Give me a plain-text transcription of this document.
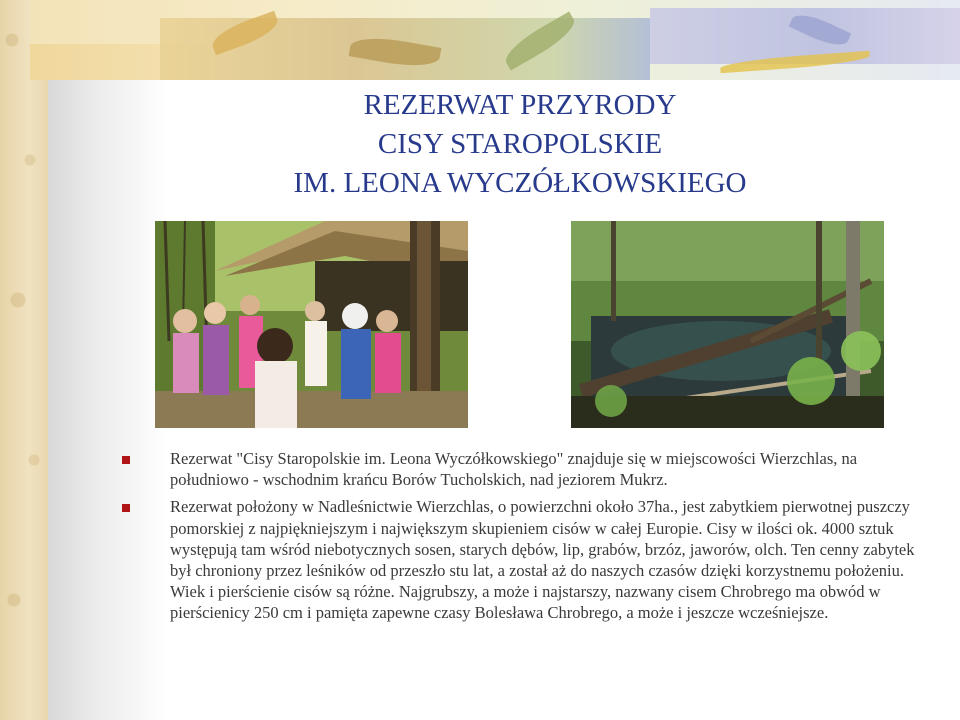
REZERWAT PRZYRODY
CISY STAROPOLSKIE
IM. LEONA WYCZÓŁKOWSKIEGO
Rezerwat "Cisy Staropolskie im. Leona Wyczółkowskiego" znajduje się w miejscowości Wierzchlas, na południowo - wschodnim krańcu Borów Tucholskich, nad jeziorem Mukrz.
Rezerwat położony w Nadleśnictwie Wierzchlas, o powierzchni około 37ha., jest zabytkiem pierwotnej puszczy pomorskiej z najpiękniejszym i największym skupieniem cisów w całej Europie. Cisy w ilości ok. 4000 sztuk występują tam wśród niebotycznych sosen, starych dębów, lip, grabów, brzóz, jaworów, olch. Ten cenny zabytek był chroniony przez leśników od przeszło stu lat, a został aż do naszych czasów dzięki korzystnemu położeniu. Wiek i pierścienie cisów są różne. Najgrubszy, a może i najstarszy, nazwany cisem Chrobrego ma obwód w pierścienicy 250 cm i pamięta zapewne czasy Bolesława Chrobrego, a może i jeszcze wcześniejsze.
